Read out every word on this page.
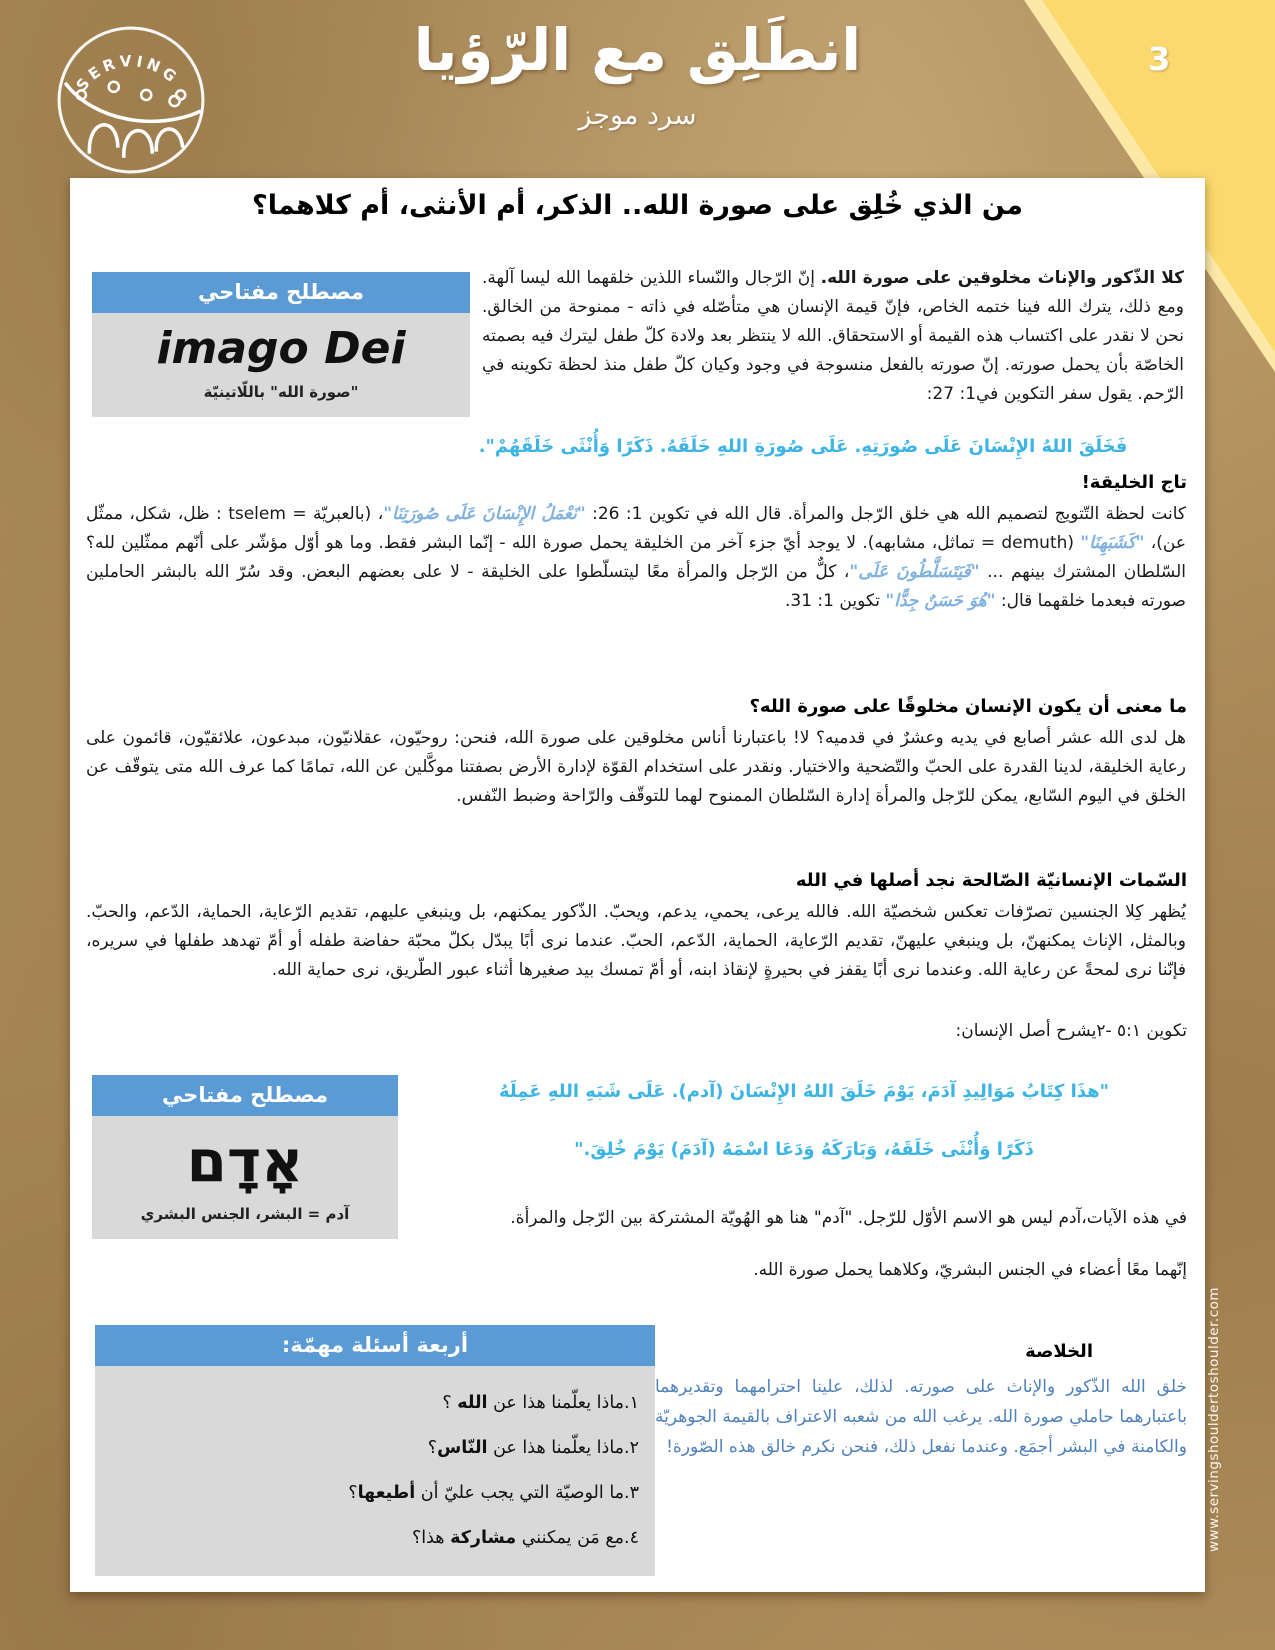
3
SERVING	انطَلِق مع الرّؤيا
سرد موجز
من الذي خُلِق على صورة الله.. الذكر، أم الأنثى، أم كلاهما؟
مصطلح مفتاحي
imago Dei
"صورة الله" باللّاتينيّة

كلا الذّكور والإناث مخلوقين على صورة الله. إنّ الرّجال والنّساء اللذين خلقهما الله ليسا آلهة. ومع ذلك، يترك الله فينا ختمه الخاص، فإنّ قيمة الإنسان هي متأصّله في ذاته - ممنوحة من الخالق. نحن لا نقدر على اكتساب هذه القيمة أو الاستحقاق. الله لا ينتظر بعد ولادة كلّ طفل ليترك فيه بصمته الخاصّة بأن يحمل صورته. إنّ صورته بالفعل منسوجة في وجود وكيان كلّ طفل منذ لحظة تكوينه في الرّحم. يقول سفر التكوين في1: 27:

فَخَلَقَ اللهُ الإِنْسَانَ عَلَى صُورَتِهِ. عَلَى صُورَةِ اللهِ خَلَقَهُ. ذَكَرًا وَأُنْثَى خَلَقَهُمْ".
تاج الخليقة!

كانت لحظة التّتويج لتصميم الله هي خلق الرّجل والمرأة. قال الله في تكوين 1: 26: "نَعْمَلُ الإِنْسَانَ عَلَى صُورَتِنَا"، (بالعبريّة = tselem : ظل، شكل، ممثّل عن)، "كَشَبَهِنَا" (demuth = تماثل، مشابهه). لا يوجد أيّ جزء آخر من الخليقة يحمل صورة الله - إنّما البشر فقط. وما هو أوّل مؤشّر على أنّهم ممثّلين لله؟ السّلطان المشترك بينهم ... "فَيَتَسَلَّطُونَ عَلَى"، كلٌّ من الرّجل والمرأة معًا ليتسلّطوا على الخليقة - لا على بعضهم البعض. وقد سُرّ الله بالبشر الحاملين صورته فبعدما خلقهما قال: "هُوَ حَسَنٌ جِدًّا" تكوين 1: 31.

ما معنى أن يكون الإنسان مخلوقًا على صورة الله؟

هل لدى الله عشر أصابع في يديه وعشرٌ في قدميه؟ لا! باعتبارنا أناس مخلوقين على صورة الله، فنحن: روحيّون، عقلانيّون، مبدعون، علائقيّون، قائمون على رعاية الخليقة، لدينا القدرة على الحبّ والتّضحية والاختيار. ونقدر على استخدام القوّة لإدارة الأرض بصفتنا موكَّلين عن الله، تمامًا كما عرف الله متى يتوقّف عن الخلق في اليوم السّابع، يمكن للرّجل والمرأة إدارة السّلطان الممنوح لهما للتوقّف والرّاحة وضبط النّفس.

السّمات الإنسانيّة الصّالحة نجد أصلها في الله

يُظهر كِلا الجنسين تصرّفات تعكس شخصيّة الله. فالله يرعى، يحمي، يدعم، ويحبّ. الذّكور يمكنهم، بل وينبغي عليهم، تقديم الرّعاية، الحماية، الدّعم، والحبّ. وبالمثل، الإناث يمكنهنّ، بل وينبغي عليهنّ، تقديم الرّعاية، الحماية، الدّعم، الحبّ. عندما نرى أبًا يبدّل بكلّ محبّة حفاضة طفله أو أمّ تهدهد طفلها في سريره، فإنّنا نرى لمحةً عن رعاية الله. وعندما نرى أبًا يقفز في بحيرةٍ لإنقاذ ابنه، أو أمّ تمسك بيد صغيرها أثناء عبور الطّريق، نرى حماية الله.

تكوين ٥:١ -٢يشرح أصل الإنسان:
مصطلح مفتاحي
אָדָם
آدم = البشر، الجنس البشري
"هذَا كِتَابُ مَوَالِيدِ آدَمَ، يَوْمَ خَلَقَ اللهُ الإِنْسَانَ (آدم). عَلَى شَبَهِ اللهِ عَمِلَهُ
ذَكَرًا وَأُنْثَى خَلَقَهُ، وَبَارَكَهُ وَدَعَا اسْمَهُ (آدَمَ) يَوْمَ خُلِقَ."
في هذه الآيات،آدم ليس هو الاسم الأوّل للرّجل. "آدم" هنا هو الهُويّة المشتركة بين الرّجل والمرأة.
إنّهما معًا أعضاء في الجنس البشريّ، وكلاهما يحمل صورة الله.
أربعة أسئلة مهمّة:
١.ماذا يعلّمنا هذا عن الله ؟
٢.ماذا يعلّمنا هذا عن النّاس؟
٣.ما الوصيّة التي يجب عليّ أن أطيعها؟
٤.مع مَن يمكنني مشاركة هذا؟
الخلاصة

خلق الله الذّكور والإناث على صورته. لذلك، علينا احترامهما وتقديرهما باعتبارهما حاملي صورة الله. يرغب الله من شعبه الاعتراف بالقيمة الجوهريّة والكامنة في البشر أجمَع. وعندما نفعل ذلك، فنحن نكرم خالق هذه الصّورة! www.servingshouldertoshoulder.com
